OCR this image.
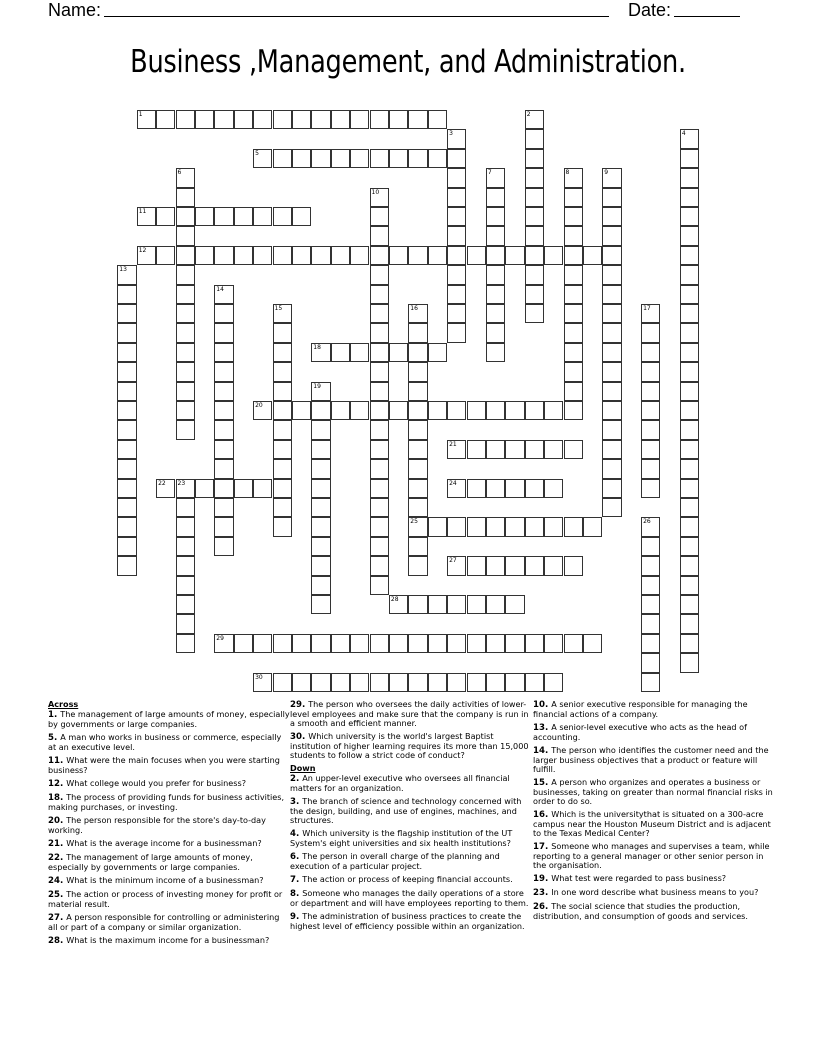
Name:	Date:
Business ,Management, and Administration.
1	2
3	4
5
6	7	8	9
10
11
12
13
14
15	16
25
17
18
19
20
21
22 23	24
26
27
28
29
30
Across
1. The management of large amounts of money, especially by governments or large companies.
5. A man who works in business or commerce, especially at an executive level.
11. What were the main focuses when you were starting business?
12. What college would you prefer for business?
18. The process of providing funds for business activities, making purchases, or investing.
20. The person responsible for the store's day-to-day working.
21. What is the average income for a businessman?
22. The management of large amounts of money, especially by governments or large companies.
24. What is the minimum income of a businessman?
25. The action or process of investing money for profit or material result.
27. A person responsible for controlling or administering all or part of a company or similar organization.
28. What is the maximum income for a businessman?
29. The person who oversees the daily activities of lower-level employees and make sure that the company is run in a smooth and efficient manner.
30. Which university is the world's largest Baptist institution of higher learning requires its more than 15,000 students to follow a strict code of conduct?
Down
2. An upper-level executive who oversees all financial matters for an organization.
3. The branch of science and technology concerned with the design, building, and use of engines, machines, and structures.
4. Which university is the flagship institution of the UT System's eight universities and six health institutions?
6. The person in overall charge of the planning and execution of a particular project.
7. The action or process of keeping financial accounts.
8. Someone who manages the daily operations of a store or department and will have employees reporting to them.
9. The administration of business practices to create the highest level of efficiency possible within an organization.
10. A senior executive responsible for managing the financial actions of a company.
13. A senior-level executive who acts as the head of accounting.
14. The person who identifies the customer need and the larger business objectives that a product or feature will fulfill.
15. A person who organizes and operates a business or businesses, taking on greater than normal financial risks in order to do so.
16. Which is the universitythat is situated on a 300-acre campus near the Houston Museum District and is adjacent to the Texas Medical Center?
17. Someone who manages and supervises a team, while reporting to a general manager or other senior person in the organisation.
19. What test were regarded to pass business?
23. In one word describe what business means to you?
26. The social science that studies the production, distribution, and consumption of goods and services.
